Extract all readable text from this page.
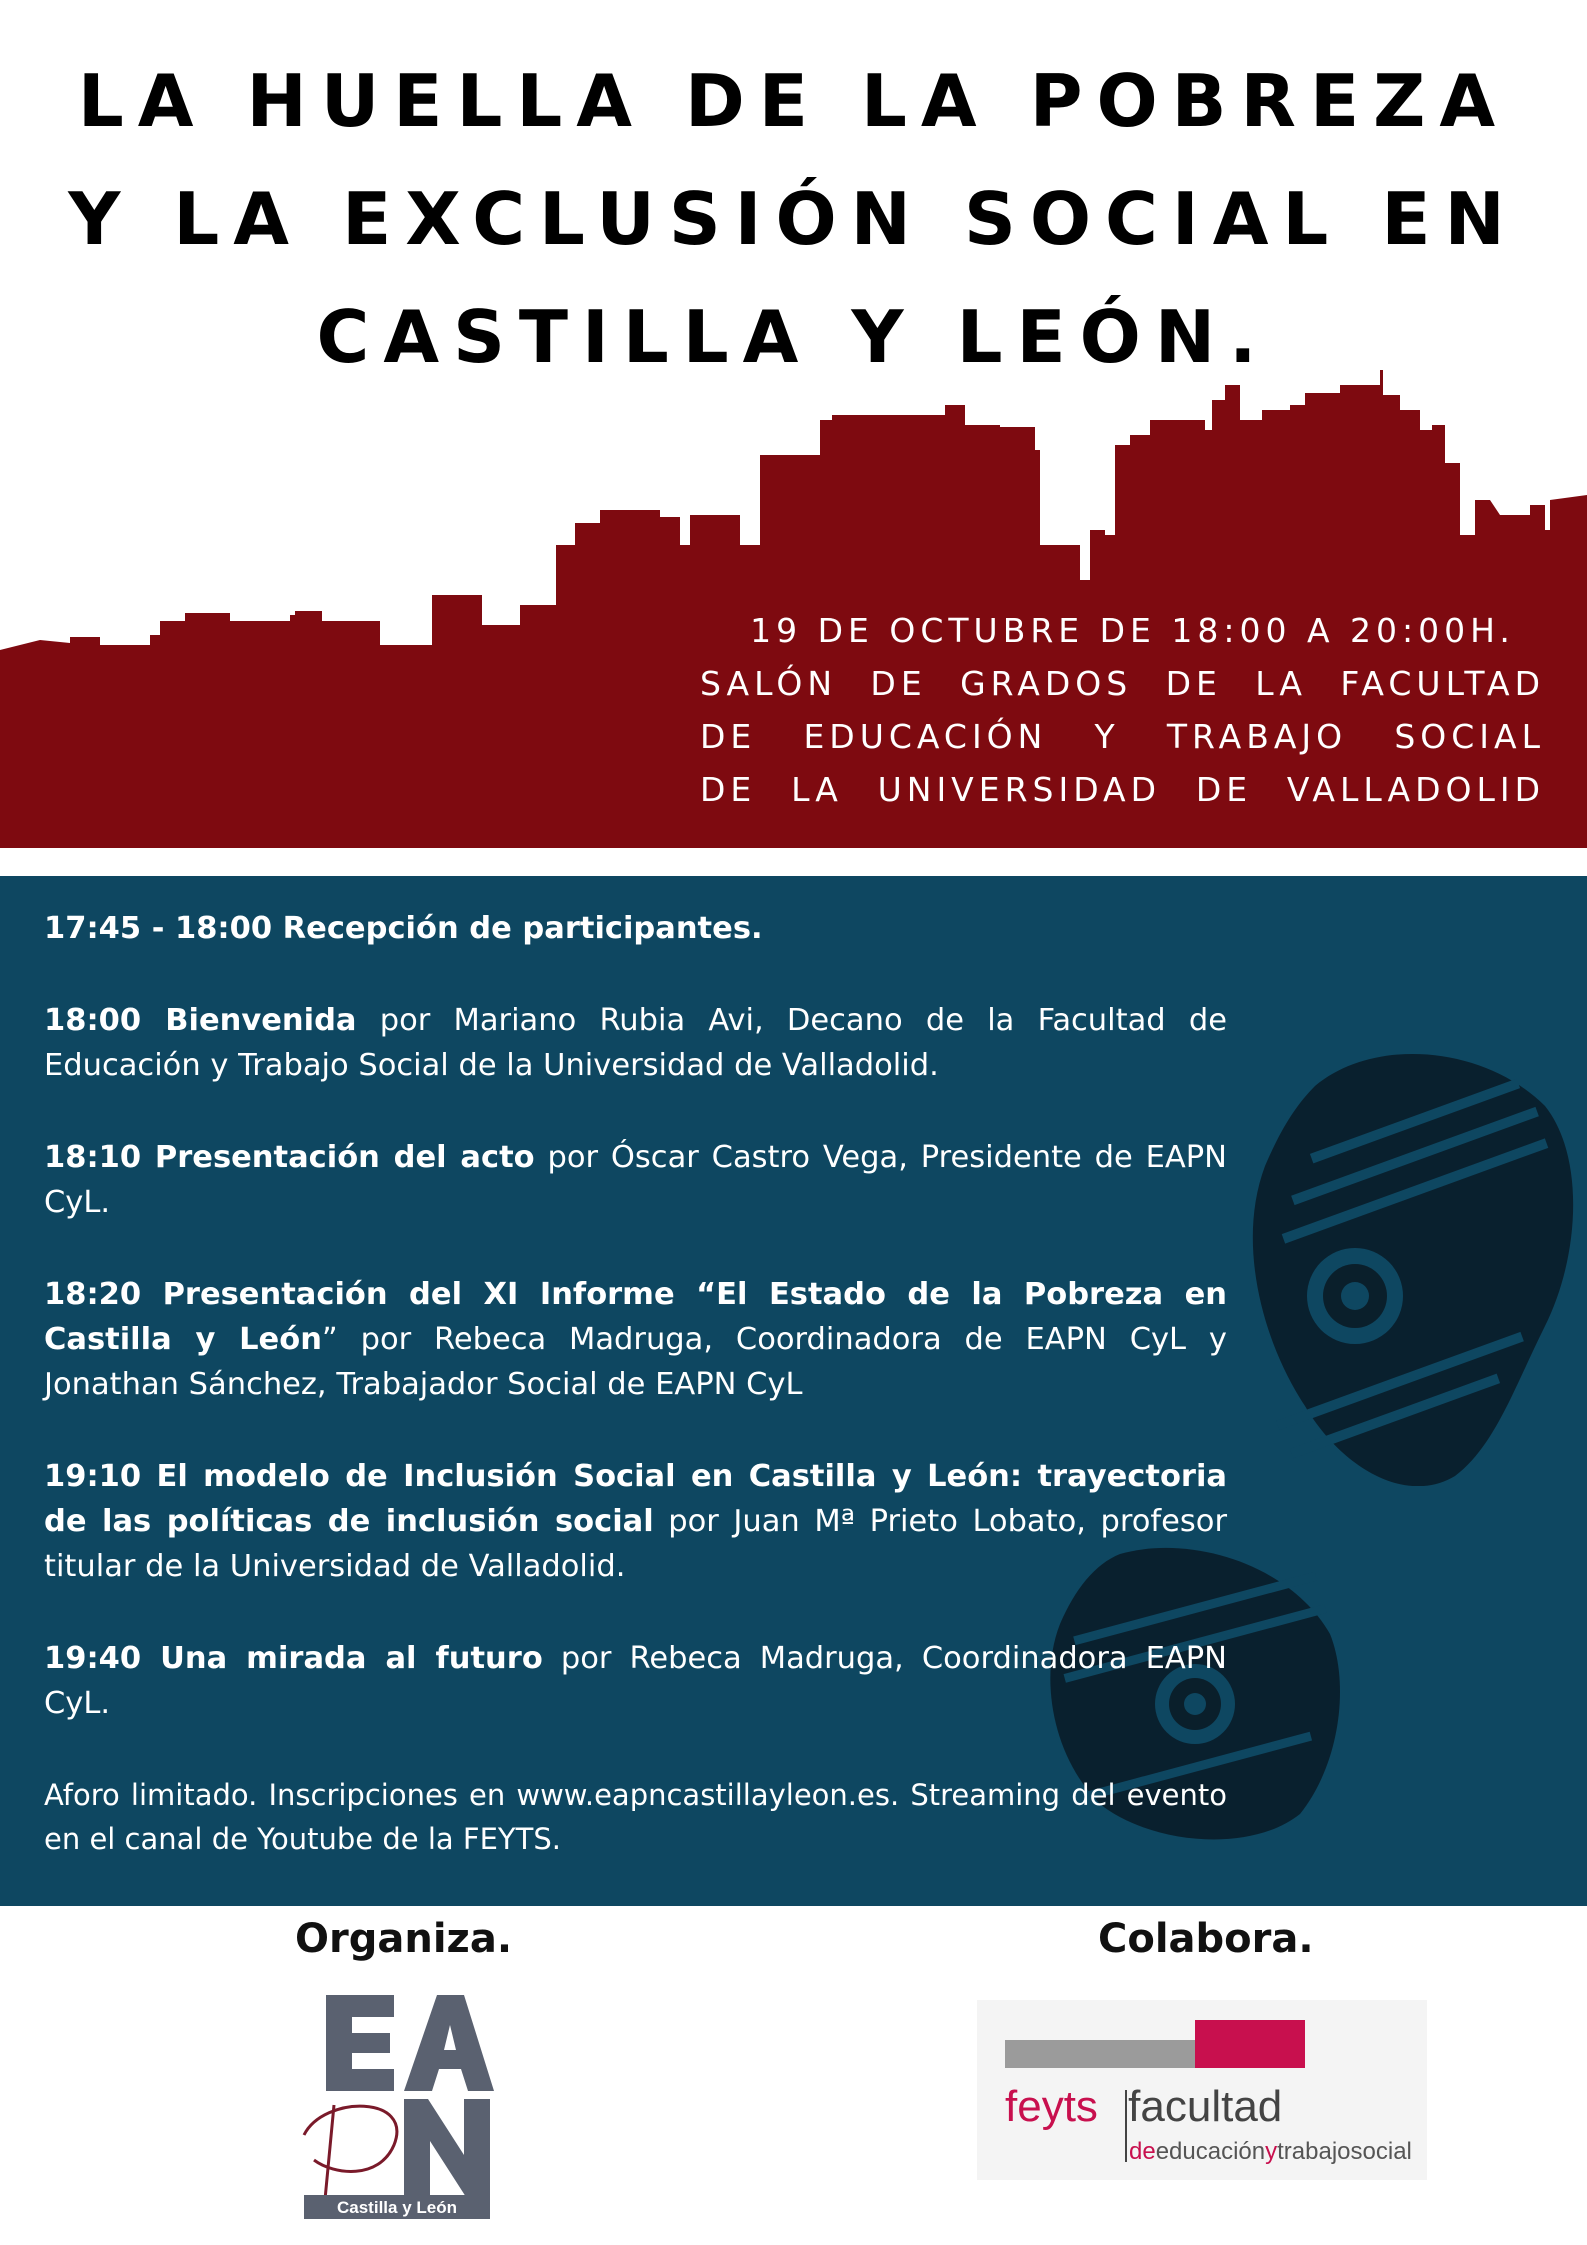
LA HUELLA DE LA POBREZA
Y LA EXCLUSIÓN SOCIAL EN
CASTILLA Y LEÓN.
19 DE OCTUBRE DE 18:00 A 20:00H.
SALÓN DE GRADOS DE LA FACULTAD
DE EDUCACIÓN Y TRABAJO SOCIAL
DE LA UNIVERSIDAD DE VALLADOLID

17:45 - 18:00 Recepción de participantes.

18:00 Bienvenida por Mariano Rubia Avi, Decano de la Facultad de Educación y Trabajo Social de la Universidad de Valladolid.

18:10 Presentación del acto por Óscar Castro Vega, Presidente de EAPN CyL.

18:20 Presentación del XI Informe “El Estado de la Pobreza en Castilla y León” por Rebeca Madruga, Coordinadora de EAPN CyL y Jonathan Sánchez, Trabajador Social de EAPN CyL

19:10 El modelo de Inclusión Social en Castilla y León: trayectoria de las políticas de inclusión social por Juan Mª Prieto Lobato, profesor titular de la Universidad de Valladolid.

19:40 Una mirada al futuro por Rebeca Madruga, Coordinadora EAPN CyL.

Aforo limitado. Inscripciones en www.eapncastillayleon.es. Streaming del evento en el canal de Youtube de la FEYTS.

Organiza.	Colabora.

Castilla y León
feyts facultad
deeducaciónytrabajosocial
